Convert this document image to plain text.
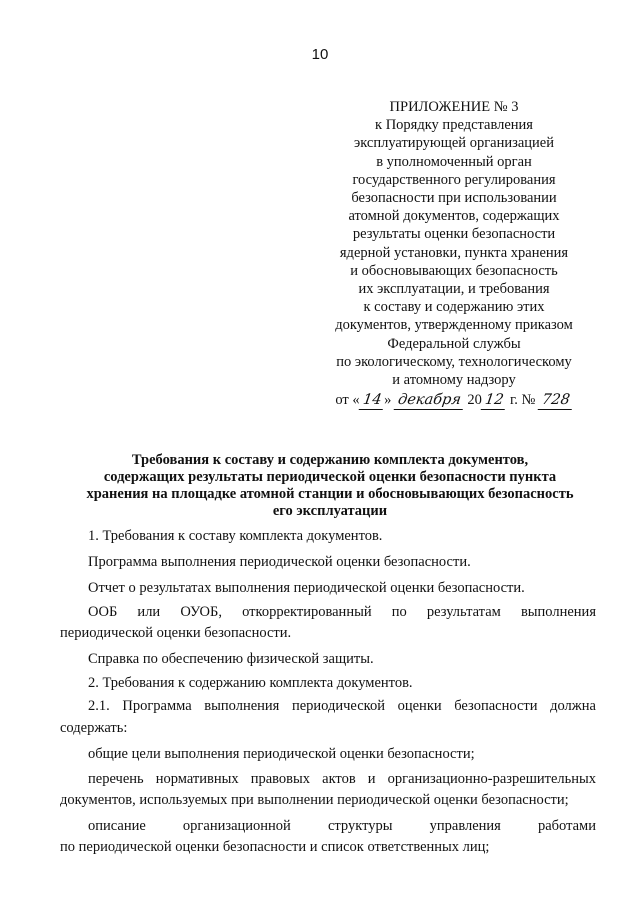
10
ПРИЛОЖЕНИЕ № 3
к Порядку представления
эксплуатирующей организацией
в уполномоченный орган
государственного регулирования
безопасности при использовании
атомной документов, содержащих
результаты оценки безопасности
ядерной установки, пункта хранения
и обосновывающих безопасность
их эксплуатации, и требования
к составу и содержанию этих
документов, утвержденному приказом
Федеральной службы
по экологическому, технологическому
и атомному надзору
от « 14 » декабря 20 12 г. № 728
Требования к составу и содержанию комплекта документов,
содержащих результаты периодической оценки безопасности пункта
хранения на площадке атомной станции и обосновывающих безопасность
его эксплуатации
1. Требования к составу комплекта документов.
Программа выполнения периодической оценки безопасности.
Отчет о результатах выполнения периодической оценки безопасности.
ООБ или ОУОБ, откорректированный по результатам выполнения
периодической оценки безопасности.
Справка по обеспечению физической защиты.
2. Требования к содержанию комплекта документов.
2.1. Программа выполнения периодической оценки безопасности должна
содержать:
общие цели выполнения периодической оценки безопасности;
перечень нормативных правовых актов и организационно-разрешительных
документов, используемых при выполнении периодической оценки безопасности;
описание организационной структуры управления работами
по периодической оценки безопасности и список ответственных лиц;
